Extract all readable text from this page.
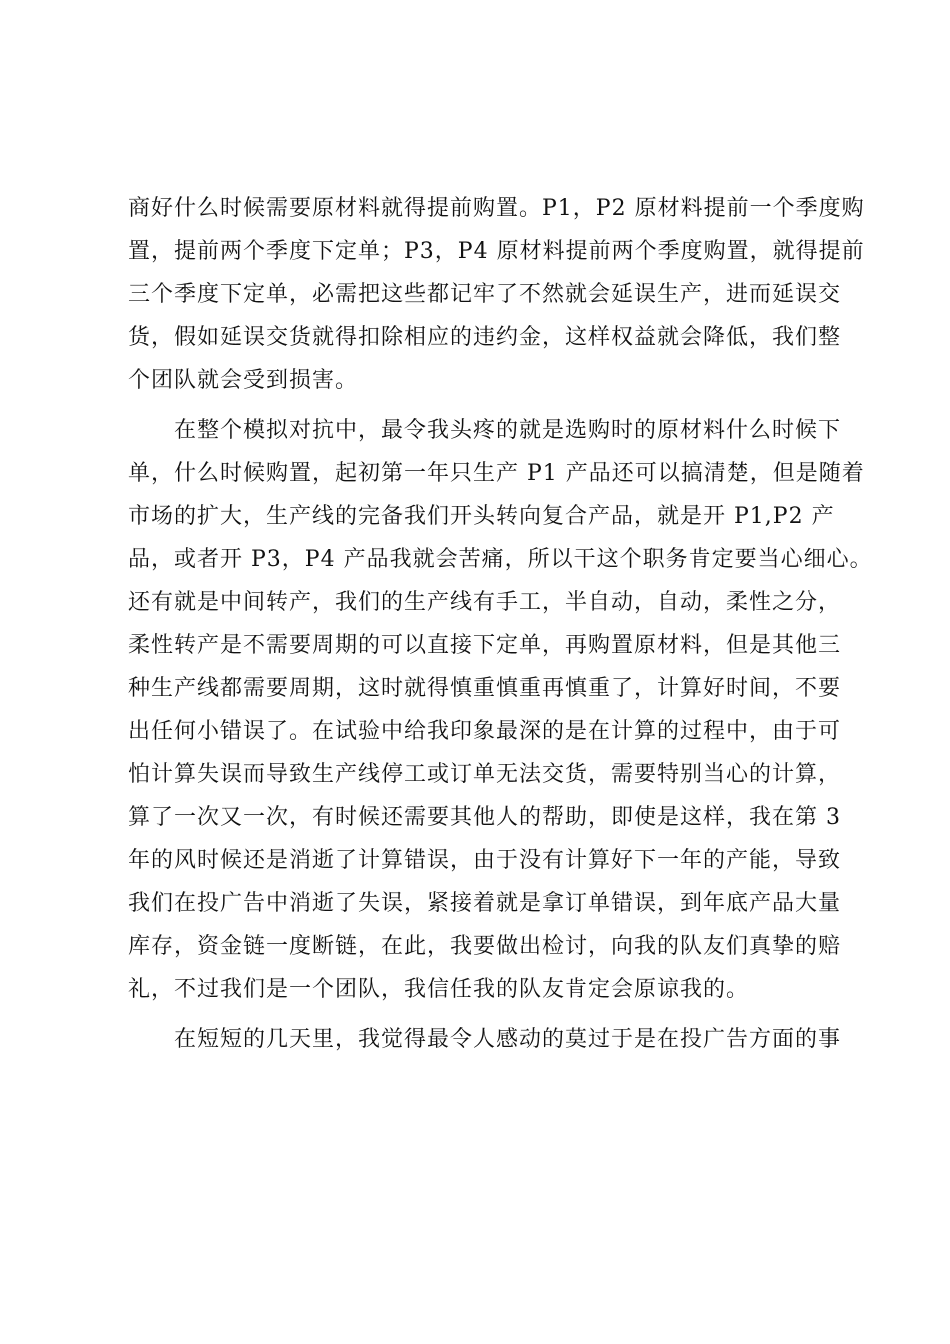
商好什么时候需要原材料就得提前购置。P1，P2 原材料提前一个季度购

置，提前两个季度下定单；P3，P4 原材料提前两个季度购置，就得提前

三个季度下定单，必需把这些都记牢了不然就会延误生产，进而延误交

货，假如延误交货就得扣除相应的违约金，这样权益就会降低，我们整

个团队就会受到损害。

　　在整个模拟对抗中，最令我头疼的就是选购时的原材料什么时候下

单，什么时候购置，起初第一年只生产 P1 产品还可以搞清楚，但是随着

市场的扩大，生产线的完备我们开头转向复合产品，就是开 P1,P2 产

品，或者开 P3，P4 产品我就会苦痛，所以干这个职务肯定要当心细心。

还有就是中间转产，我们的生产线有手工，半自动，自动，柔性之分，

柔性转产是不需要周期的可以直接下定单，再购置原材料，但是其他三

种生产线都需要周期，这时就得慎重慎重再慎重了，计算好时间，不要

出任何小错误了。在试验中给我印象最深的是在计算的过程中，由于可

怕计算失误而导致生产线停工或订单无法交货，需要特别当心的计算，

算了一次又一次，有时候还需要其他人的帮助，即使是这样，我在第 3

年的风时候还是消逝了计算错误，由于没有计算好下一年的产能，导致

我们在投广告中消逝了失误，紧接着就是拿订单错误，到年底产品大量

库存，资金链一度断链，在此，我要做出检讨，向我的队友们真挚的赔

礼，不过我们是一个团队，我信任我的队友肯定会原谅我的。

　　在短短的几天里，我觉得最令人感动的莫过于是在投广告方面的事
